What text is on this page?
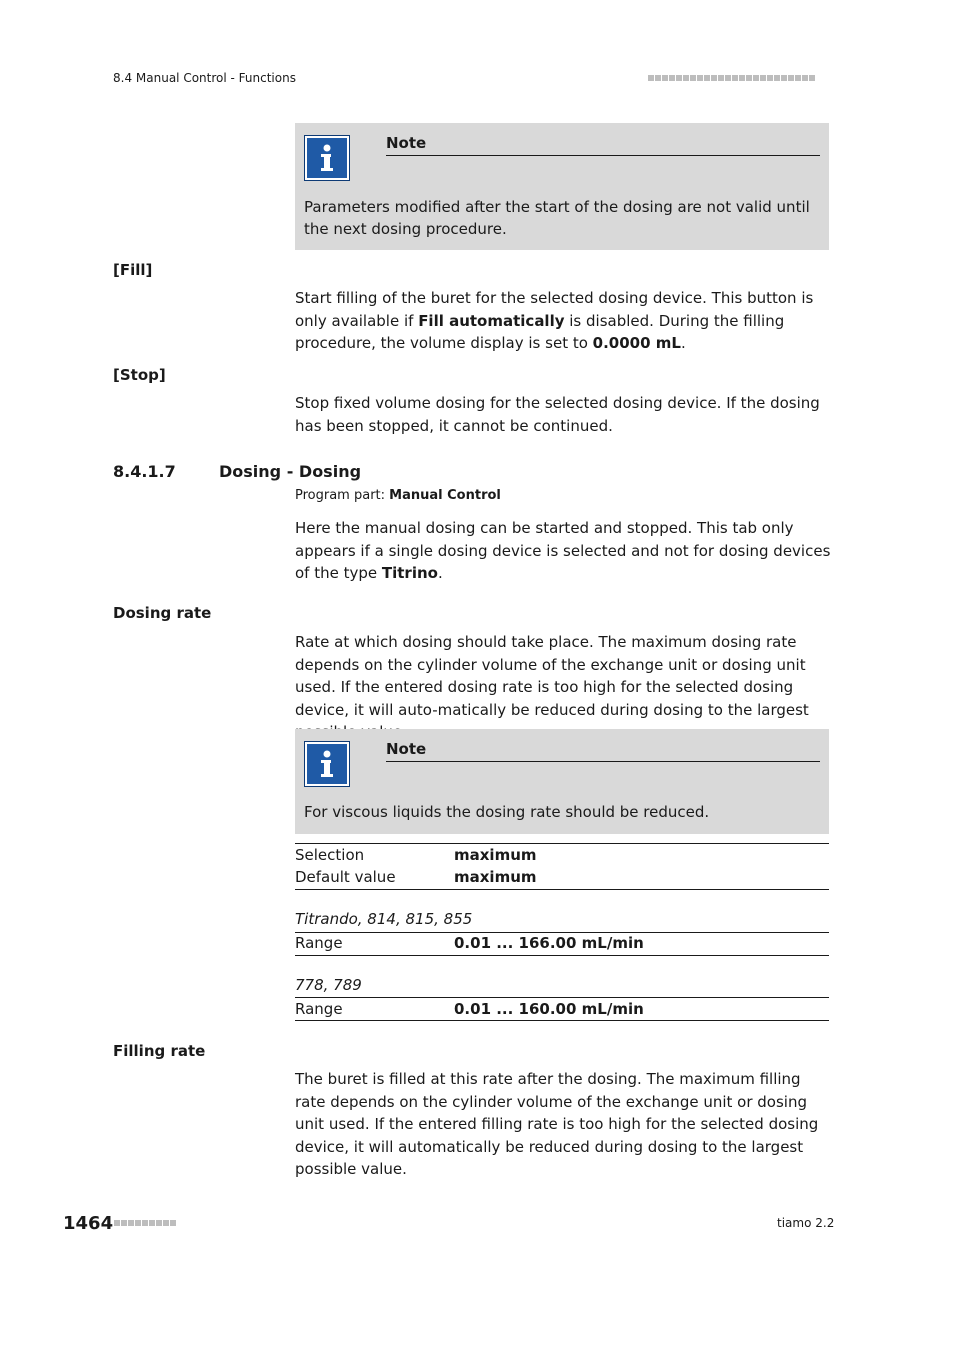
8.4 Manual Control - Functions
Note
Parameters modified after the start of the dosing are not valid until the next dosing procedure.
[Fill]
Start filling of the buret for the selected dosing device. This button is only available if Fill automatically is disabled. During the filling procedure, the volume display is set to 0.0000 mL.
[Stop]
Stop fixed volume dosing for the selected dosing device. If the dosing has been stopped, it cannot be continued.
8.4.1.7	Dosing - Dosing
Program part: Manual Control
Here the manual dosing can be started and stopped. This tab only appears if a single dosing device is selected and not for dosing devices of the type Titrino.
Dosing rate
Rate at which dosing should take place. The maximum dosing rate depends on the cylinder volume of the exchange unit or dosing unit used. If the entered dosing rate is too high for the selected dosing device, it will auto-matically be reduced during dosing to the largest
Note
For viscous liquids the dosing rate should be reduced.
Selection	maximum
Default value	maximum
Titrando, 814, 815, 855
Range	0.01 ... 166.00 mL/min
778, 789
Range	0.01 ... 160.00 mL/min
Filling rate
The buret is filled at this rate after the dosing. The maximum filling rate depends on the cylinder volume of the exchange unit or dosing unit used. If the entered filling rate is too high for the selected dosing device, it will automatically be reduced during dosing to the largest possible value.
1464	tiamo 2.2
